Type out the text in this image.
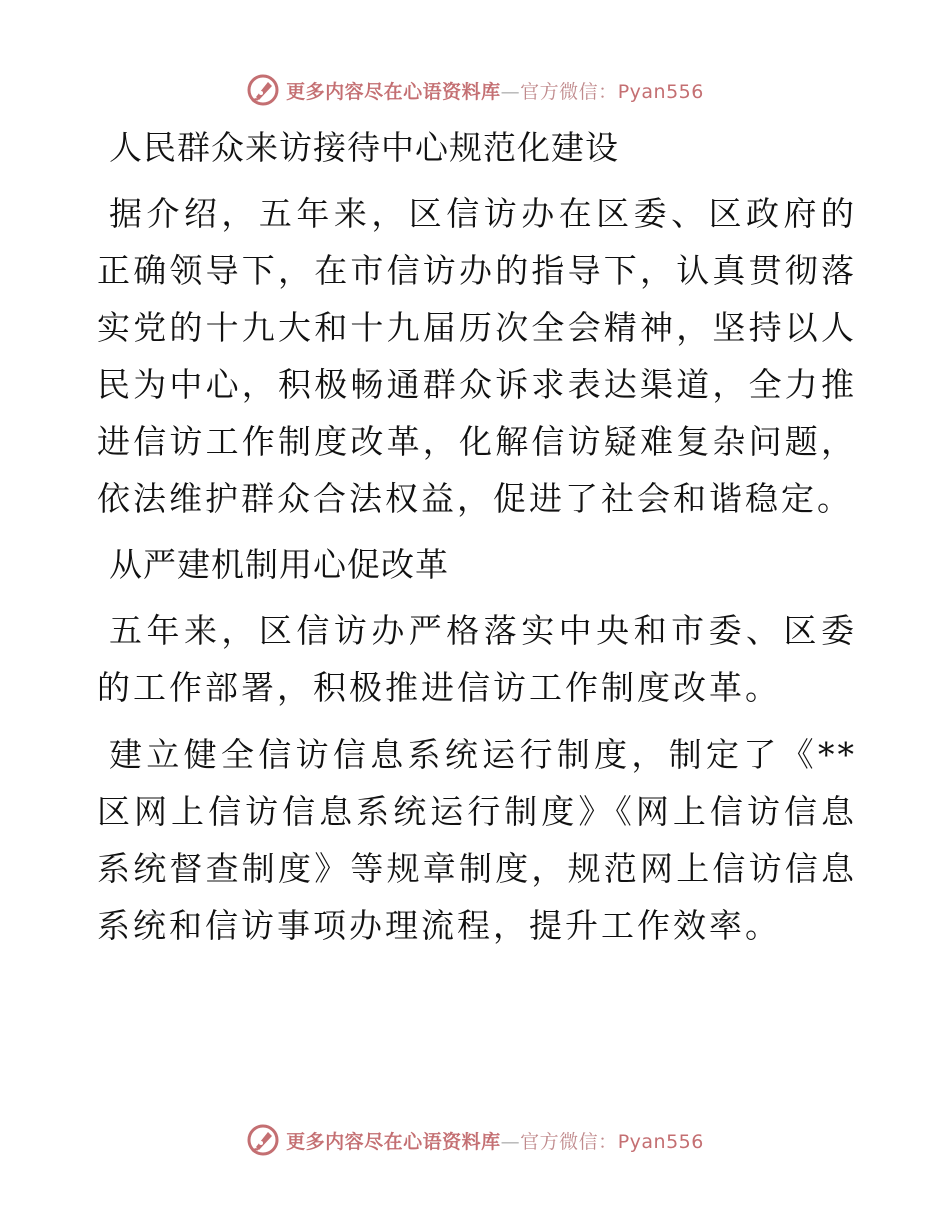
更多内容尽在心语资料库—官方微信：Pyan556
人民群众来访接待中心规范化建设

据介绍，五年来，区信访办在区委、区政府的正确领导下，在市信访办的指导下，认真贯彻落实党的十九大和十九届历次全会精神，坚持以人民为中心，积极畅通群众诉求表达渠道，全力推进信访工作制度改革，化解信访疑难复杂问题，依法维护群众合法权益，促进了社会和谐稳定。

从严建机制用心促改革

五年来，区信访办严格落实中央和市委、区委的工作部署，积极推进信访工作制度改革。

建立健全信访信息系统运行制度，制定了《**区网上信访信息系统运行制度》《网上信访信息系统督查制度》等规章制度，规范网上信访信息系统和信访事项办理流程，提升工作效率。

更多内容尽在心语资料库—官方微信：Pyan556
